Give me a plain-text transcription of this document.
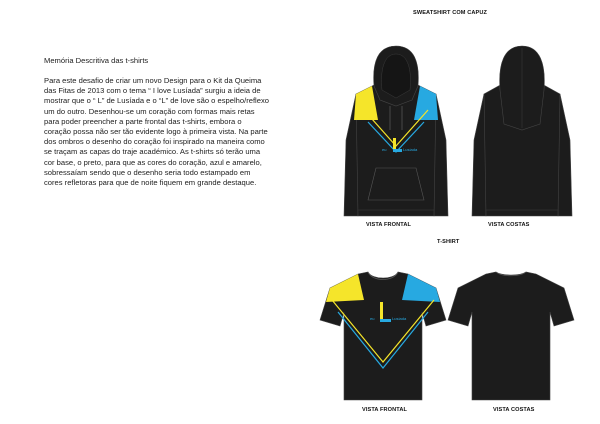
Memória Descritiva das t-shirts

Para este desafio de criar um novo Design para o Kit da Queima das Fitas de 2013 com o tema “ I love Lusíada” surgiu a ideia de mostrar que o “ L” de Lusíada e o “L” de love são o espelho/reflexo um do outro. Desenhou-se um coração com formas mais retas para poder preencher a parte frontal das t-shirts, embora o coração possa não ser tão evidente logo à primeira vista. Na parte dos ombros o desenho do coração foi inspirado na maneira como se traçam as capas do traje académico. As t-shirts só terão uma cor base, o preto, para que as cores do coração, azul e amarelo, sobressaíam sendo que o desenho seria todo estampado em cores refletoras para que de noite fiquem em grande destaque.

SWEATSHIRT COM CAPUZ
T-SHIRT
eu	Lusíada
VISTA FRONTAL	VISTA COSTAS
eu	Lusíada
VISTA FRONTAL	VISTA COSTAS
